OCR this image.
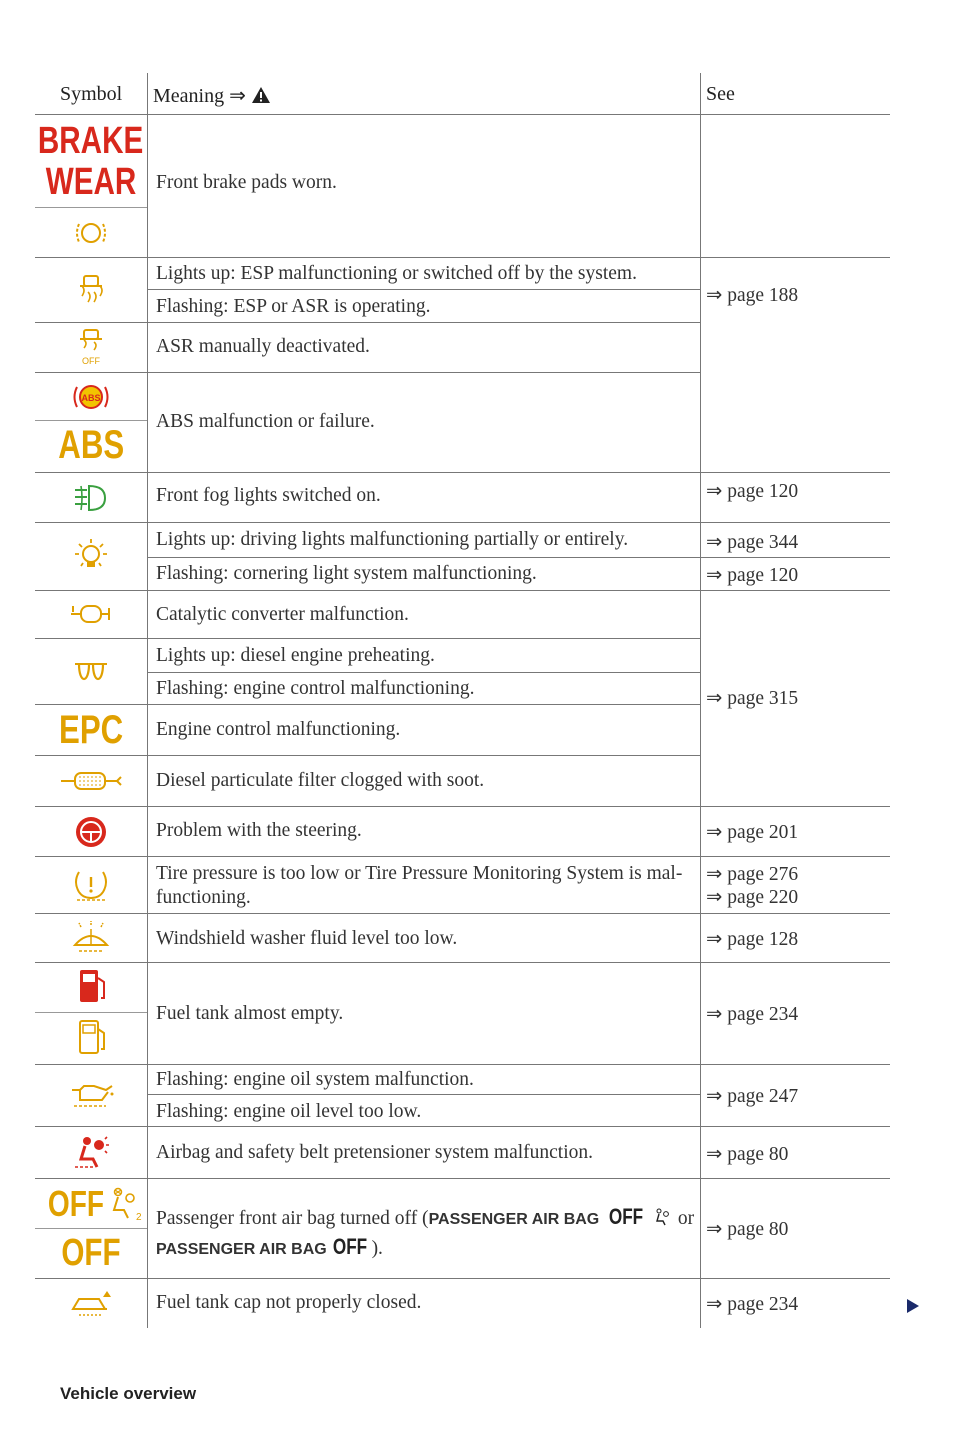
Symbol Meaning ⇒	See
BRAKE
WEAR
OFF
ABS
ABS
EPC
OFF	2
OFF
Front brake pads worn.
Lights up: ESP malfunctioning or switched off by the system.
Flashing: ESP or ASR is operating.
ASR manually deactivated.
ABS malfunction or failure.
Front fog lights switched on.
Lights up: driving lights malfunctioning partially or entirely.
Flashing: cornering light system malfunctioning.
Catalytic converter malfunction.
Lights up: diesel engine preheating.
Flashing: engine control malfunctioning.
Engine control malfunctioning.
Diesel particulate filter clogged with soot.
Problem with the steering.
Tire pressure is too low or Tire Pressure Monitoring System is mal-
functioning.
Windshield washer fluid level too low.
Fuel tank almost empty.
Flashing: engine oil system malfunction.
Flashing: engine oil level too low.
Airbag and safety belt pretensioner system malfunction.
Passenger front air bag turned off (PASSENGER AIR BAG OFF or
PASSENGER AIR BAG OFF ).
Fuel tank cap not properly closed.
⇒ page 188
⇒ page 120
⇒ page 344
⇒ page 120
⇒ page 315
⇒ page 201
⇒ page 276
⇒ page 220
⇒ page 128
⇒ page 234
⇒ page 247
⇒ page 80
⇒ page 80
⇒ page 234
Vehicle overview
